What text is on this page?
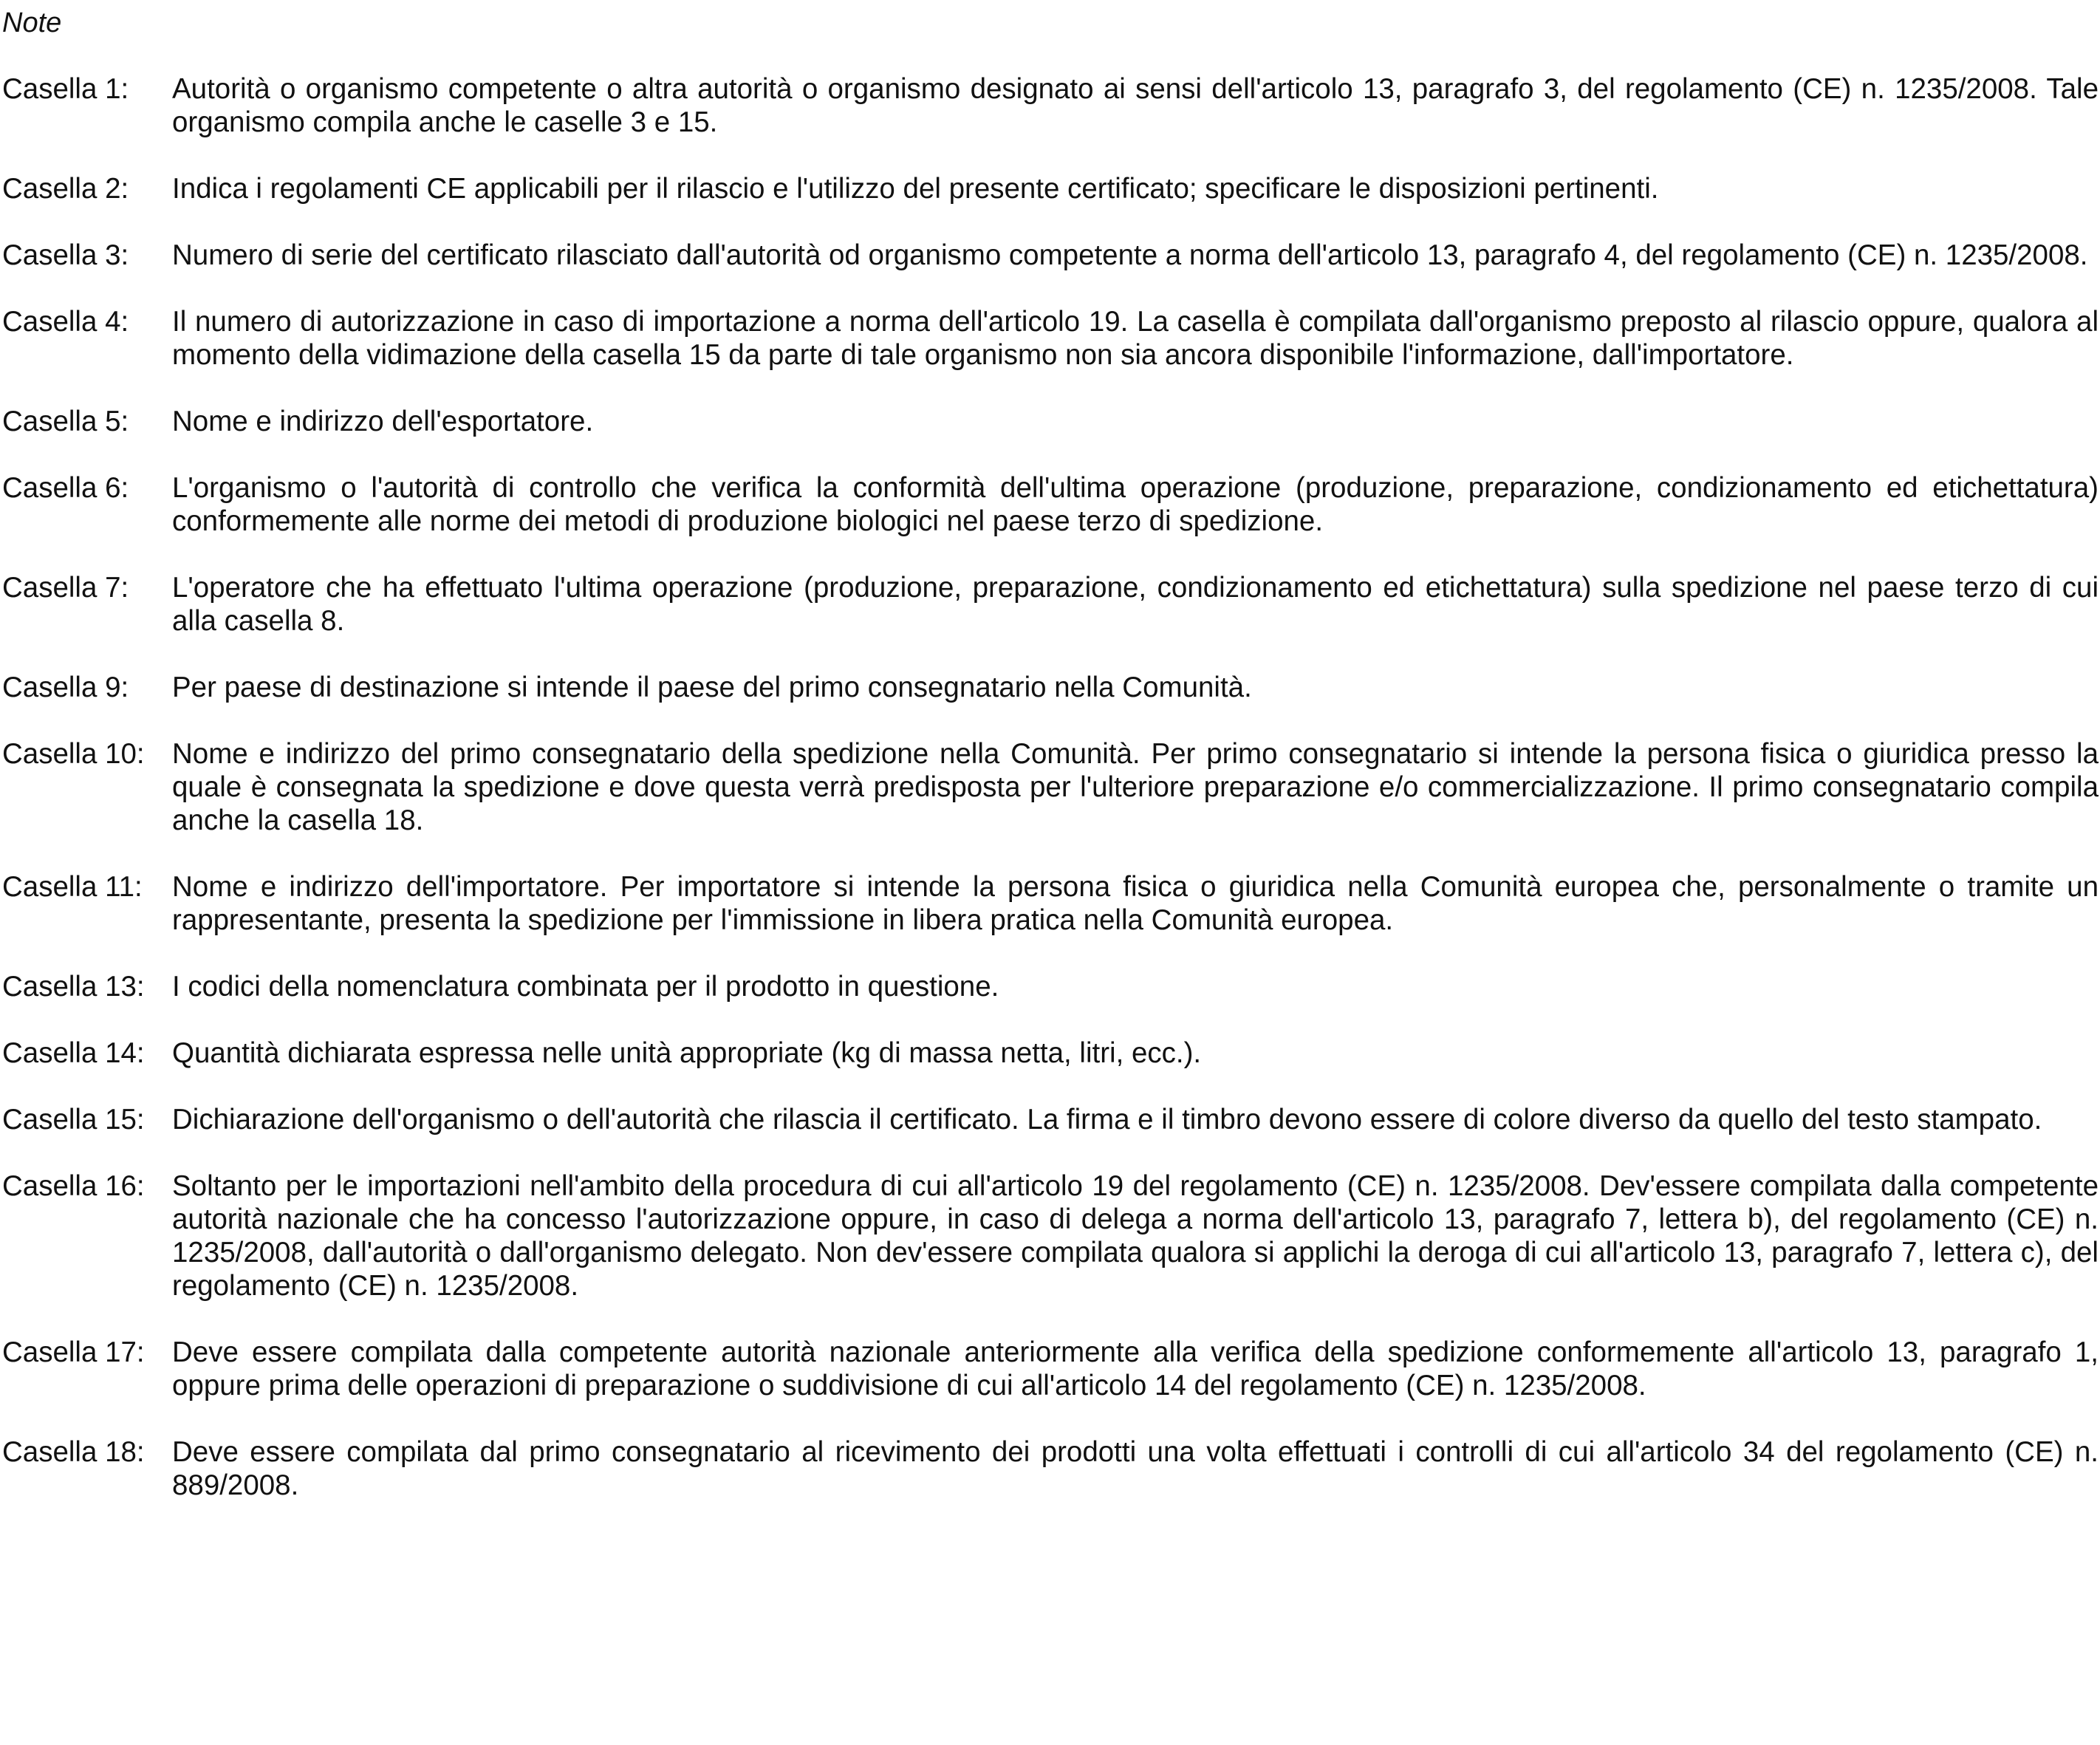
Note
Casella 1:	Autorità o organismo competente o altra autorità o organismo designato ai sensi dell'articolo 13, paragrafo 3, del regolamento (CE) n. 1235/2008. Tale organismo compila anche le caselle 3 e 15.
Casella 2:	Indica i regolamenti CE applicabili per il rilascio e l'utilizzo del presente certificato; specificare le disposizioni pertinenti.
Casella 3:	Numero di serie del certificato rilasciato dall'autorità od organismo competente a norma dell'articolo 13, paragrafo 4, del regolamento (CE) n. 1235/2008.
Casella 4:	Il numero di autorizzazione in caso di importazione a norma dell'articolo 19. La casella è compilata dall'organismo preposto al rilascio oppure, qualora al momento della vidimazione della casella 15 da parte di tale organismo non sia ancora disponibile l'informazione, dall'importatore.
Casella 5:	Nome e indirizzo dell'esportatore.
Casella 6:	L'organismo o l'autorità di controllo che verifica la conformità dell'ultima operazione (produzione, preparazione, condizionamento ed etichettatura) conformemente alle norme dei metodi di produzione biologici nel paese terzo di spedizione.
Casella 7:	L'operatore che ha effettuato l'ultima operazione (produzione, preparazione, condizionamento ed etichettatura) sulla spedizione nel paese terzo di cui alla casella 8.
Casella 9:	Per paese di destinazione si intende il paese del primo consegnatario nella Comunità.
Casella 10: Nome e indirizzo del primo consegnatario della spedizione nella Comunità. Per primo consegnatario si intende la persona fisica o giuridica presso la quale è consegnata la spedizione e dove questa verrà predisposta per l'ulteriore preparazione e/o commercializzazione. Il primo consegnatario compila anche la casella 18.
Casella 11:	Nome e indirizzo dell'importatore. Per importatore si intende la persona fisica o giuridica nella Comunità europea che, personalmente o tramite un rappresentante, presenta la spedizione per l'immissione in libera pratica nella Comunità europea.
Casella 13: I codici della nomenclatura combinata per il prodotto in questione.
Casella 14: Quantità dichiarata espressa nelle unità appropriate (kg di massa netta, litri, ecc.).
Casella 15: Dichiarazione dell'organismo o dell'autorità che rilascia il certificato. La firma e il timbro devono essere di colore diverso da quello del testo stampato.
Casella 16: Soltanto per le importazioni nell'ambito della procedura di cui all'articolo 19 del regolamento (CE) n. 1235/2008. Dev'essere compilata dalla competente autorità nazionale che ha concesso l'autorizzazione oppure, in caso di delega a norma dell'articolo 13, paragrafo 7, lettera b), del regolamento (CE) n. 1235/2008, dall'autorità o dall'organismo delegato. Non dev'essere compilata qualora si applichi la deroga di cui all'articolo 13, paragrafo 7, lettera c), del regolamento (CE) n. 1235/2008.
Casella 17: Deve essere compilata dalla competente autorità nazionale anteriormente alla verifica della spedizione conformemente all'articolo 13, paragrafo 1, oppure prima delle operazioni di preparazione o suddivisione di cui all'articolo 14 del regolamento (CE) n. 1235/2008.
Casella 18: Deve essere compilata dal primo consegnatario al ricevimento dei prodotti una volta effettuati i controlli di cui all'articolo 34 del regolamento (CE) n. 889/2008.
